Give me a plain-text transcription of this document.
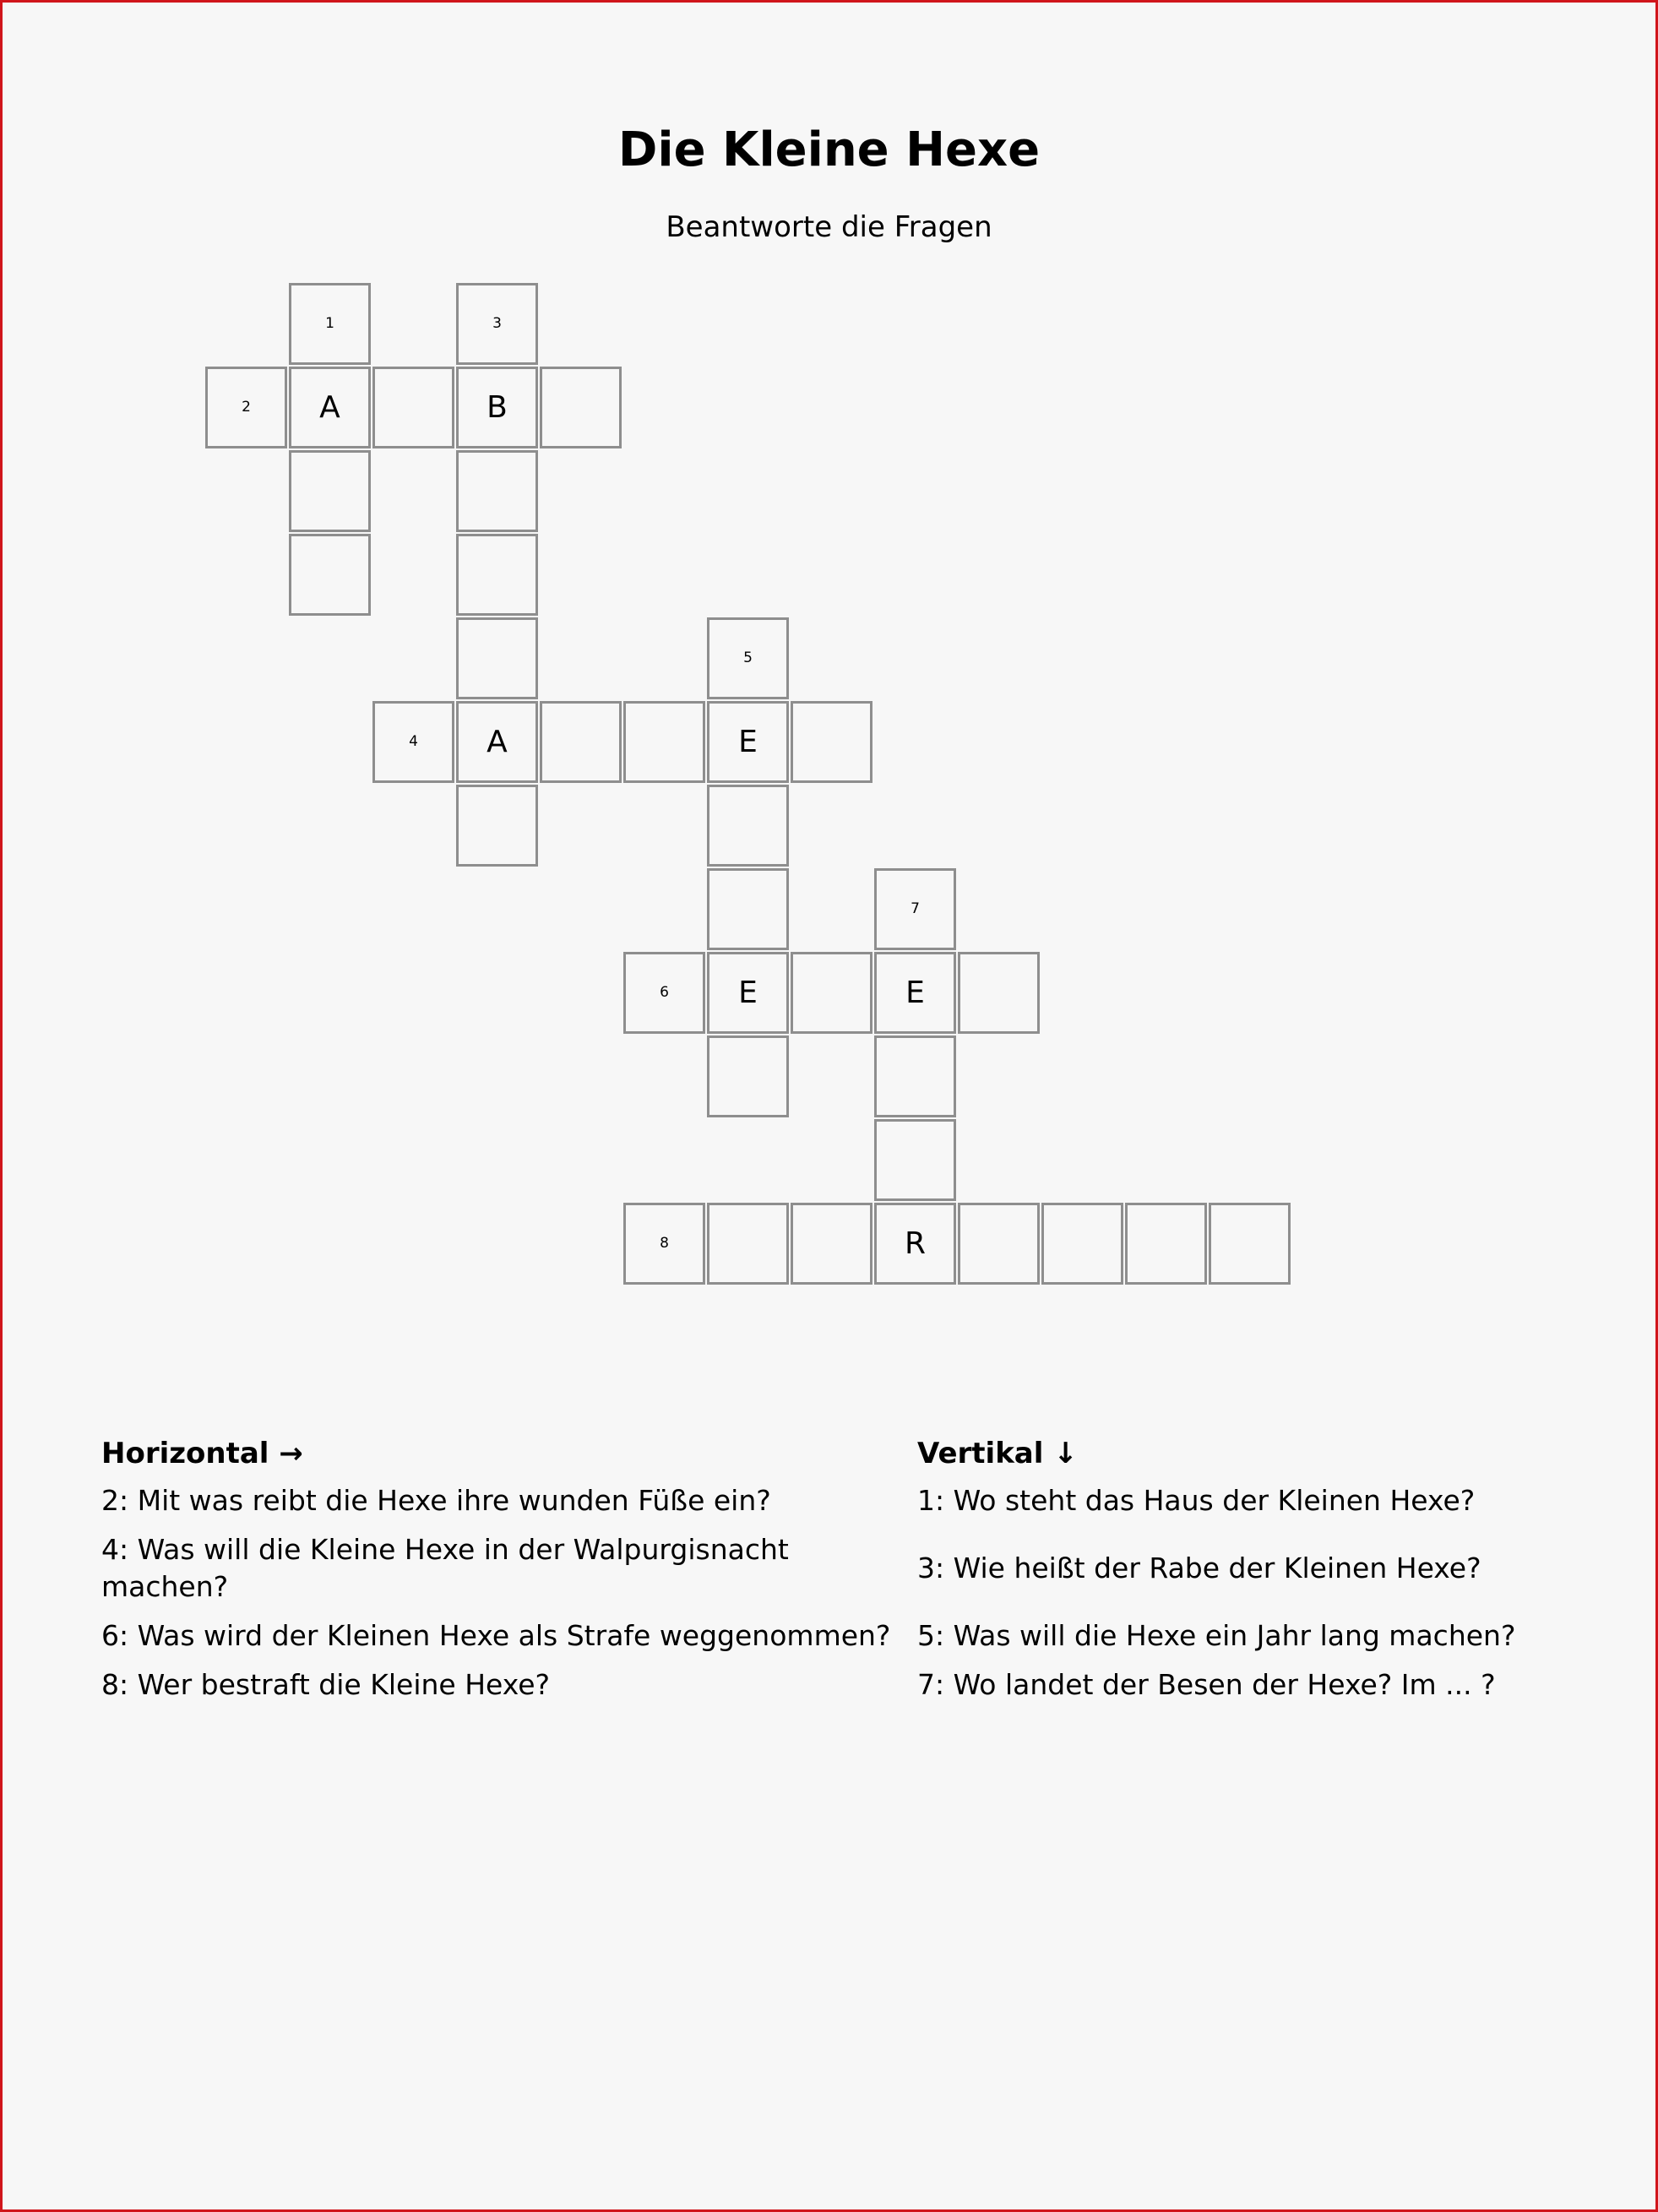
Die Kleine Hexe

Beantworte die Fragen

1	3
2 A	B
5
4 A	E
7
6 E	E
8	R

Horizontal →

2: Mit was reibt die Hexe ihre wunden Füße ein?

4: Was will die Kleine Hexe in der Walpurgisnacht machen?

6: Was wird der Kleinen Hexe als Strafe weggenommen?

8: Wer bestraft die Kleine Hexe?

Vertikal ↓

1: Wo steht das Haus der Kleinen Hexe?

3: Wie heißt der Rabe der Kleinen Hexe?

5: Was will die Hexe ein Jahr lang machen?

7: Wo landet der Besen der Hexe? Im ... ?
